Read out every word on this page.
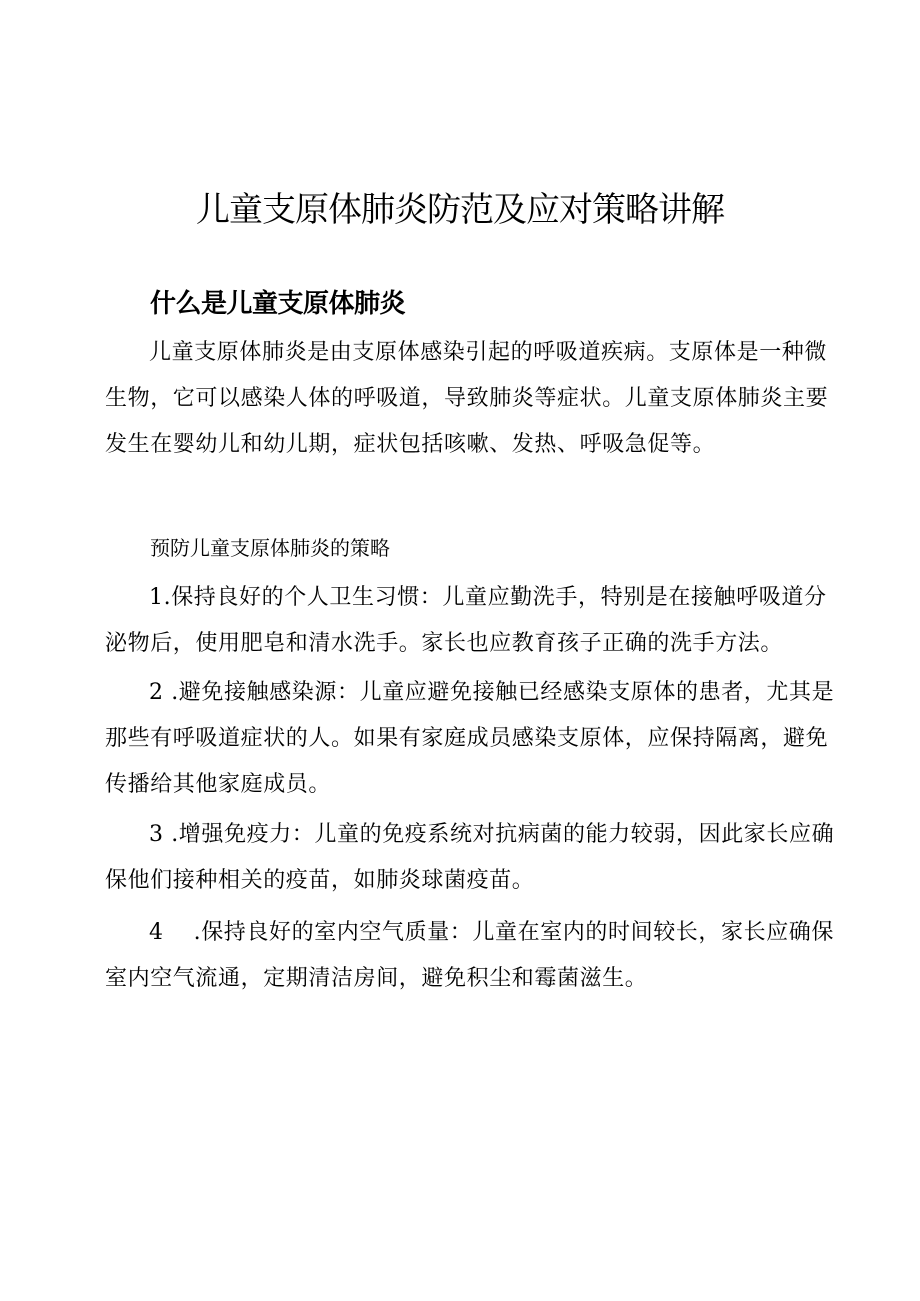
儿童支原体肺炎防范及应对策略讲解
什么是儿童支原体肺炎

儿童支原体肺炎是由支原体感染引起的呼吸道疾病。支原体是一种微生物，它可以感染人体的呼吸道，导致肺炎等症状。儿童支原体肺炎主要发生在婴幼儿和幼儿期，症状包括咳嗽、发热、呼吸急促等。

预防儿童支原体肺炎的策略

1.保持良好的个人卫生习惯：儿童应勤洗手，特别是在接触呼吸道分泌物后，使用肥皂和清水洗手。家长也应教育孩子正确的洗手方法。

2 .避免接触感染源：儿童应避免接触已经感染支原体的患者，尤其是那些有呼吸道症状的人。如果有家庭成员感染支原体，应保持隔离，避免传播给其他家庭成员。

3 .增强免疫力：儿童的免疫系统对抗病菌的能力较弱，因此家长应确保他们接种相关的疫苗，如肺炎球菌疫苗。

4 .保持良好的室内空气质量：儿童在室内的时间较长，家长应确保室内空气流通，定期清洁房间，避免积尘和霉菌滋生。
